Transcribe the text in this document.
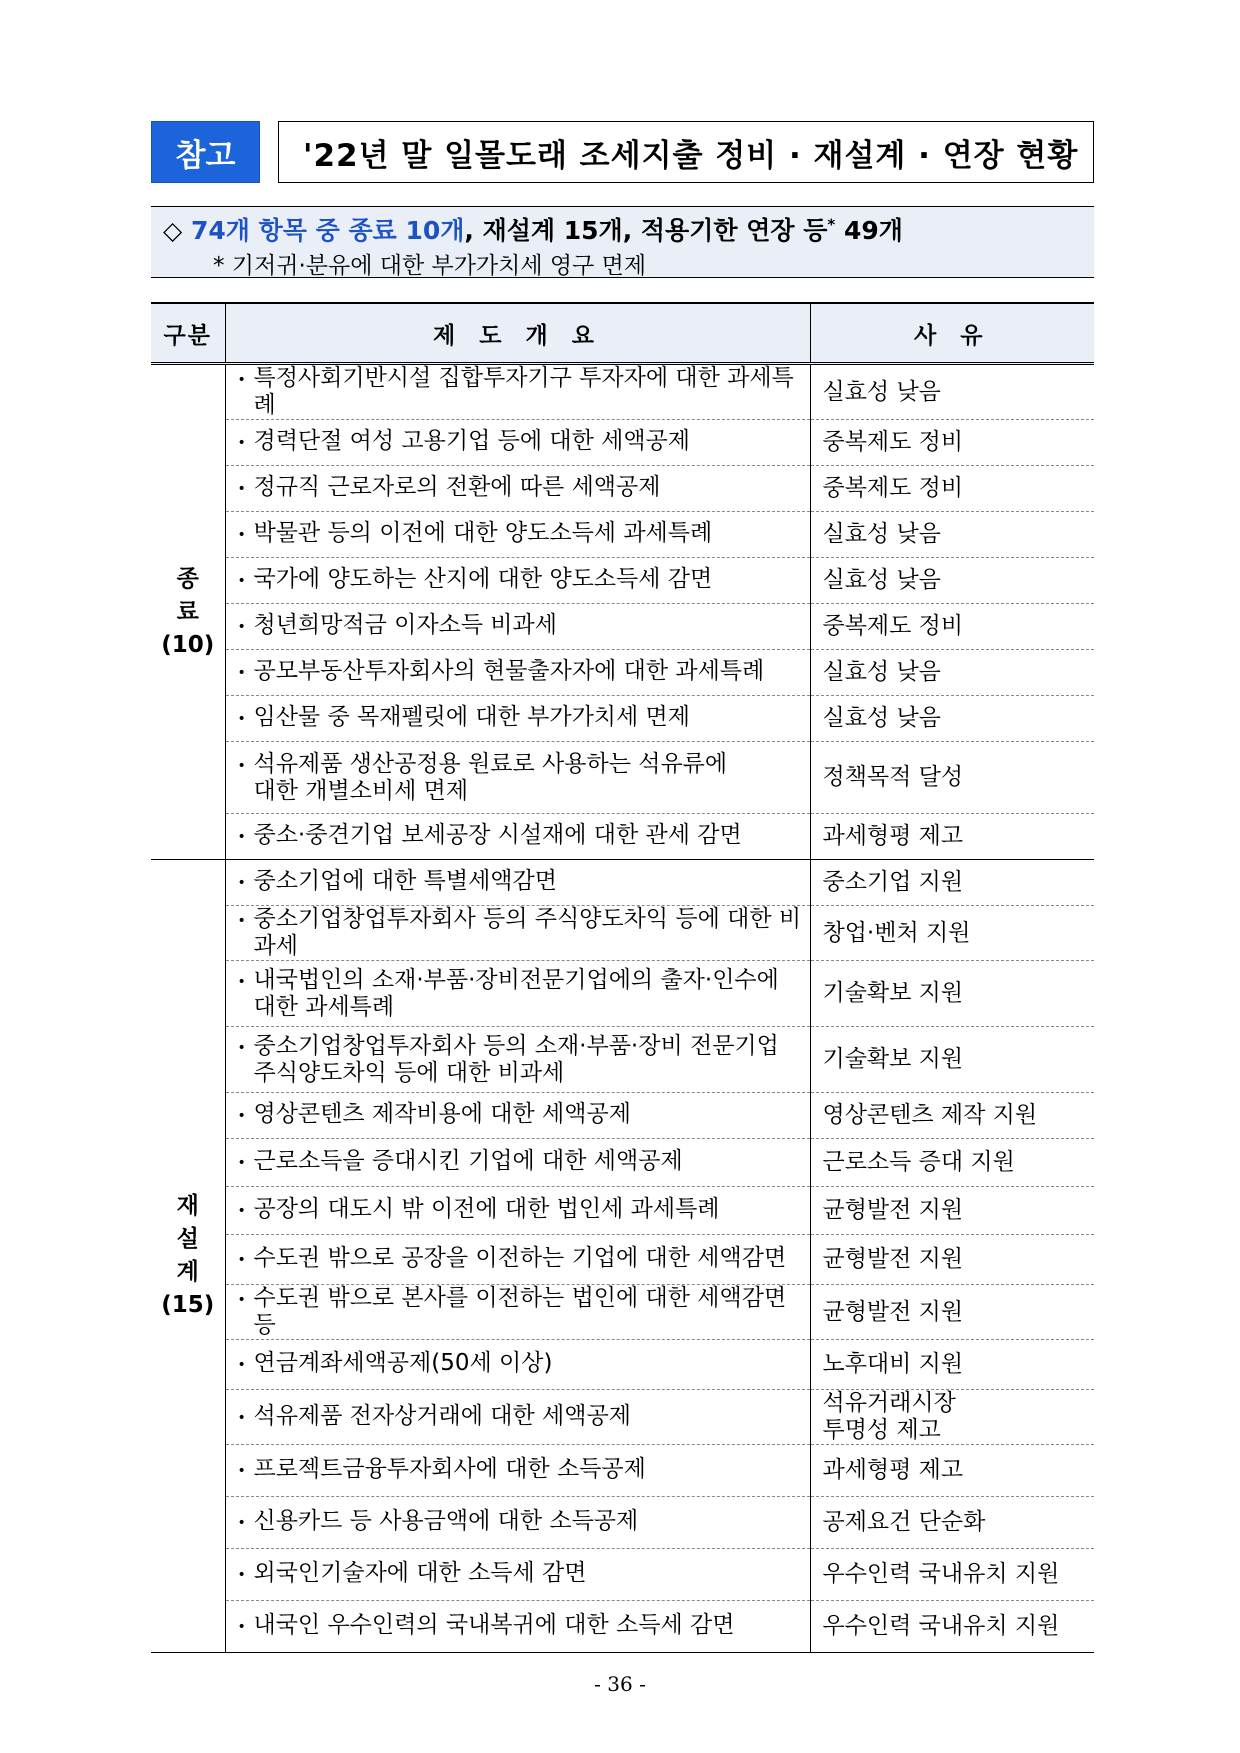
참고	'22년 말 일몰도래 조세지출 정비 · 재설계 · 연장 현황
◇ 74개 항목 중 종료 10개, 재설계 15개, 적용기한 연장 등* 49개
* 기저귀·분유에 대한 부가가치세 영구 면제
구분	제 도 개 요	사 유
종
료
(10)	• 특정사회기반시설 집합투자기구 투자자에 대한 과세특례	실효성 낮음

	• 경력단절 여성 고용기업 등에 대한 세액공제	중복제도 정비

	• 정규직 근로자로의 전환에 따른 세액공제	중복제도 정비

	• 박물관 등의 이전에 대한 양도소득세 과세특례	실효성 낮음

	• 국가에 양도하는 산지에 대한 양도소득세 감면	실효성 낮음

	• 청년희망적금 이자소득 비과세	중복제도 정비

	• 공모부동산투자회사의 현물출자자에 대한 과세특례	실효성 낮음

	• 임산물 중 목재펠릿에 대한 부가가치세 면제	실효성 낮음

	• 석유제품 생산공정용 원료로 사용하는 석유류에
대한 개별소비세 면제	정책목적 달성

	• 중소·중견기업 보세공장 시설재에 대한 관세 감면	과세형평 제고

재
설
계
(15)	• 중소기업에 대한 특별세액감면	중소기업 지원

	• 중소기업창업투자회사 등의 주식양도차익 등에 대한 비과세	창업·벤처 지원

	• 내국법인의 소재·부품·장비전문기업에의 출자·인수에
대한 과세특례	기술확보 지원

	• 중소기업창업투자회사 등의 소재·부품·장비 전문기업
주식양도차익 등에 대한 비과세	기술확보 지원

	• 영상콘텐츠 제작비용에 대한 세액공제	영상콘텐츠 제작 지원

	• 근로소득을 증대시킨 기업에 대한 세액공제	근로소득 증대 지원

	• 공장의 대도시 밖 이전에 대한 법인세 과세특례	균형발전 지원

	• 수도권 밖으로 공장을 이전하는 기업에 대한 세액감면	균형발전 지원

	• 수도권 밖으로 본사를 이전하는 법인에 대한 세액감면 등	균형발전 지원

	• 연금계좌세액공제(50세 이상)	노후대비 지원

	• 석유제품 전자상거래에 대한 세액공제	석유거래시장
투명성 제고

	• 프로젝트금융투자회사에 대한 소득공제	과세형평 제고

	• 신용카드 등 사용금액에 대한 소득공제	공제요건 단순화

	• 외국인기술자에 대한 소득세 감면	우수인력 국내유치 지원

	• 내국인 우수인력의 국내복귀에 대한 소득세 감면	우수인력 국내유치 지원
- 36 -
